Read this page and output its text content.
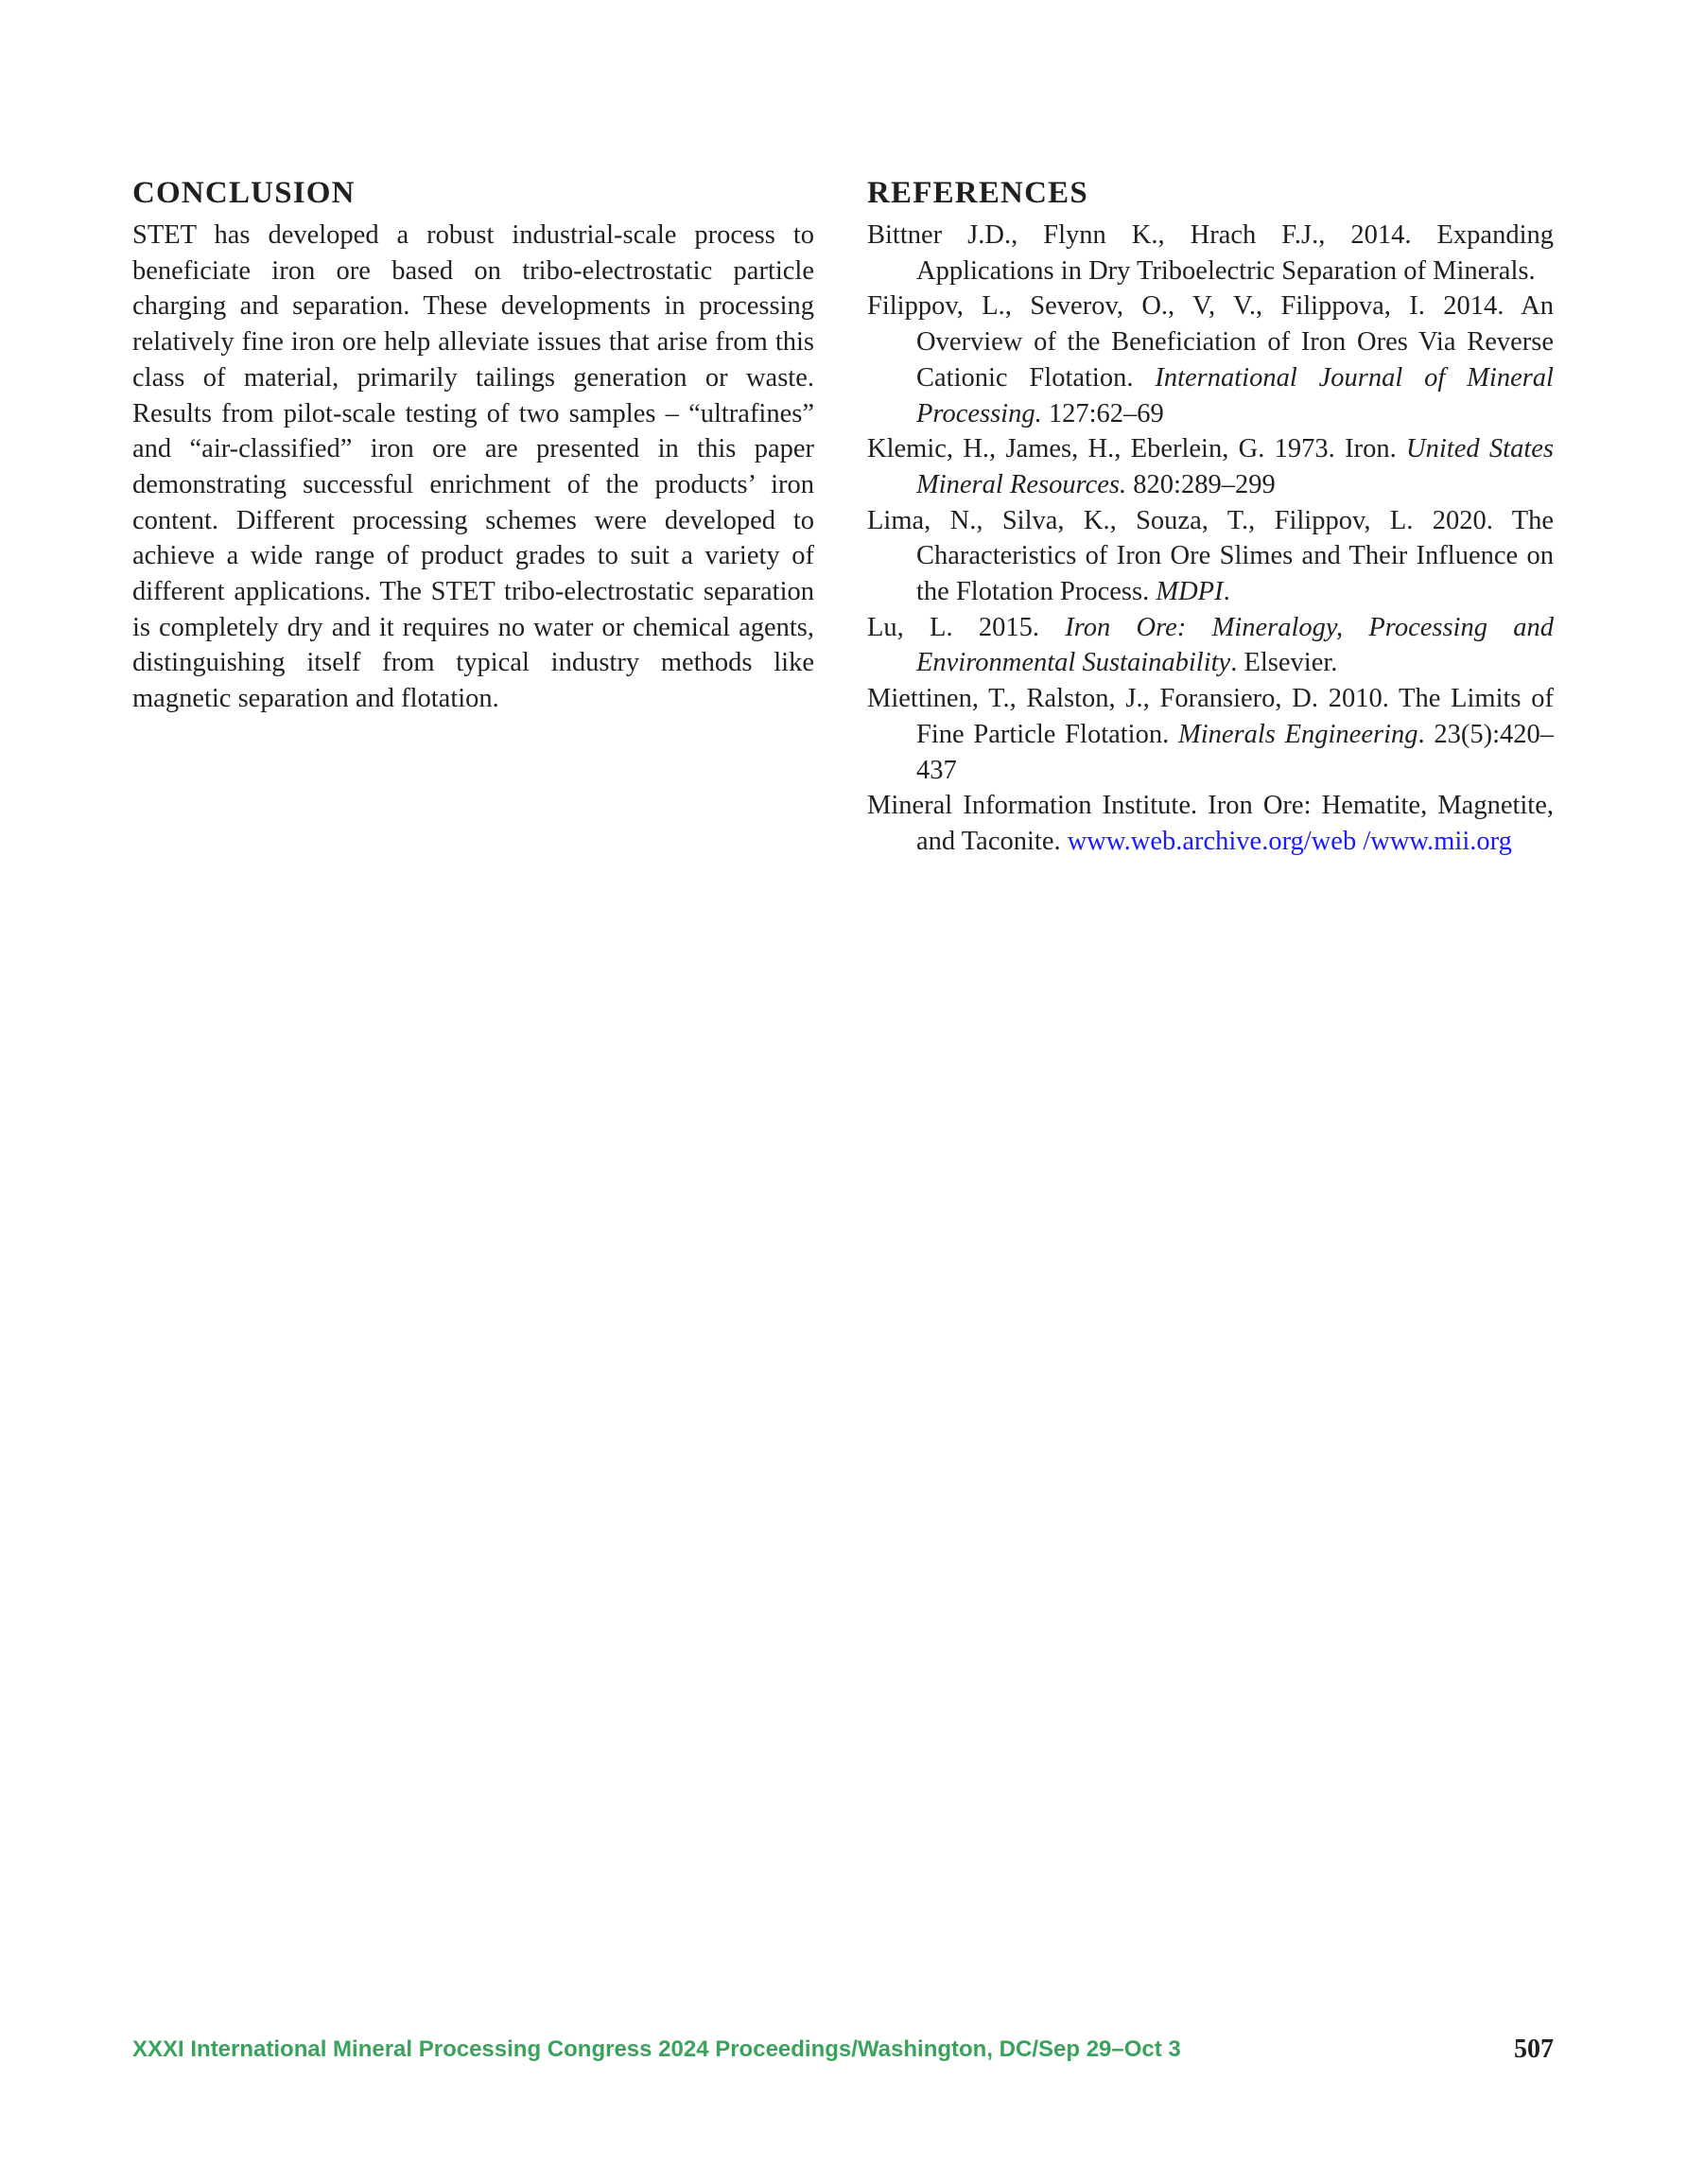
CONCLUSION

STET has developed a robust industrial-scale process to beneficiate iron ore based on tribo-electrostatic particle charging and separation. These developments in processing relatively fine iron ore help alleviate issues that arise from this class of material, primarily tailings generation or waste. Results from pilot-scale testing of two samples – “ultrafines” and “air-classified” iron ore are presented in this paper demonstrating successful enrichment of the products’ iron content. Different processing schemes were developed to achieve a wide range of product grades to suit a variety of different applications. The STET tribo-electrostatic separation is completely dry and it requires no water or chemical agents, distinguishing itself from typical industry methods like magnetic separation and flotation.

REFERENCES
Bittner J.D., Flynn K., Hrach F.J., 2014. Expanding Applications in Dry Triboelectric Separation of Minerals.
Filippov, L., Severov, O., V, V., Filippova, I. 2014. An Overview of the Beneficiation of Iron Ores Via Reverse Cationic Flotation. International Journal of Mineral Processing. 127:62–69
Klemic, H., James, H., Eberlein, G. 1973. Iron. United States Mineral Resources. 820:289–299
Lima, N., Silva, K., Souza, T., Filippov, L. 2020. The Characteristics of Iron Ore Slimes and Their Influence on the Flotation Process. MDPI.
Lu, L. 2015. Iron Ore: Mineralogy, Processing and Environmental Sustainability. Elsevier.
Miettinen, T., Ralston, J., Foransiero, D. 2010. The Limits of Fine Particle Flotation. Minerals Engineering. 23(5):420–437
Mineral Information Institute. Iron Ore: Hematite, Magnetite, and Taconite. www.web.archive.org/web /www.mii.org
XXXI International Mineral Processing Congress 2024 Proceedings/Washington, DC/Sep 29–Oct 3	507
